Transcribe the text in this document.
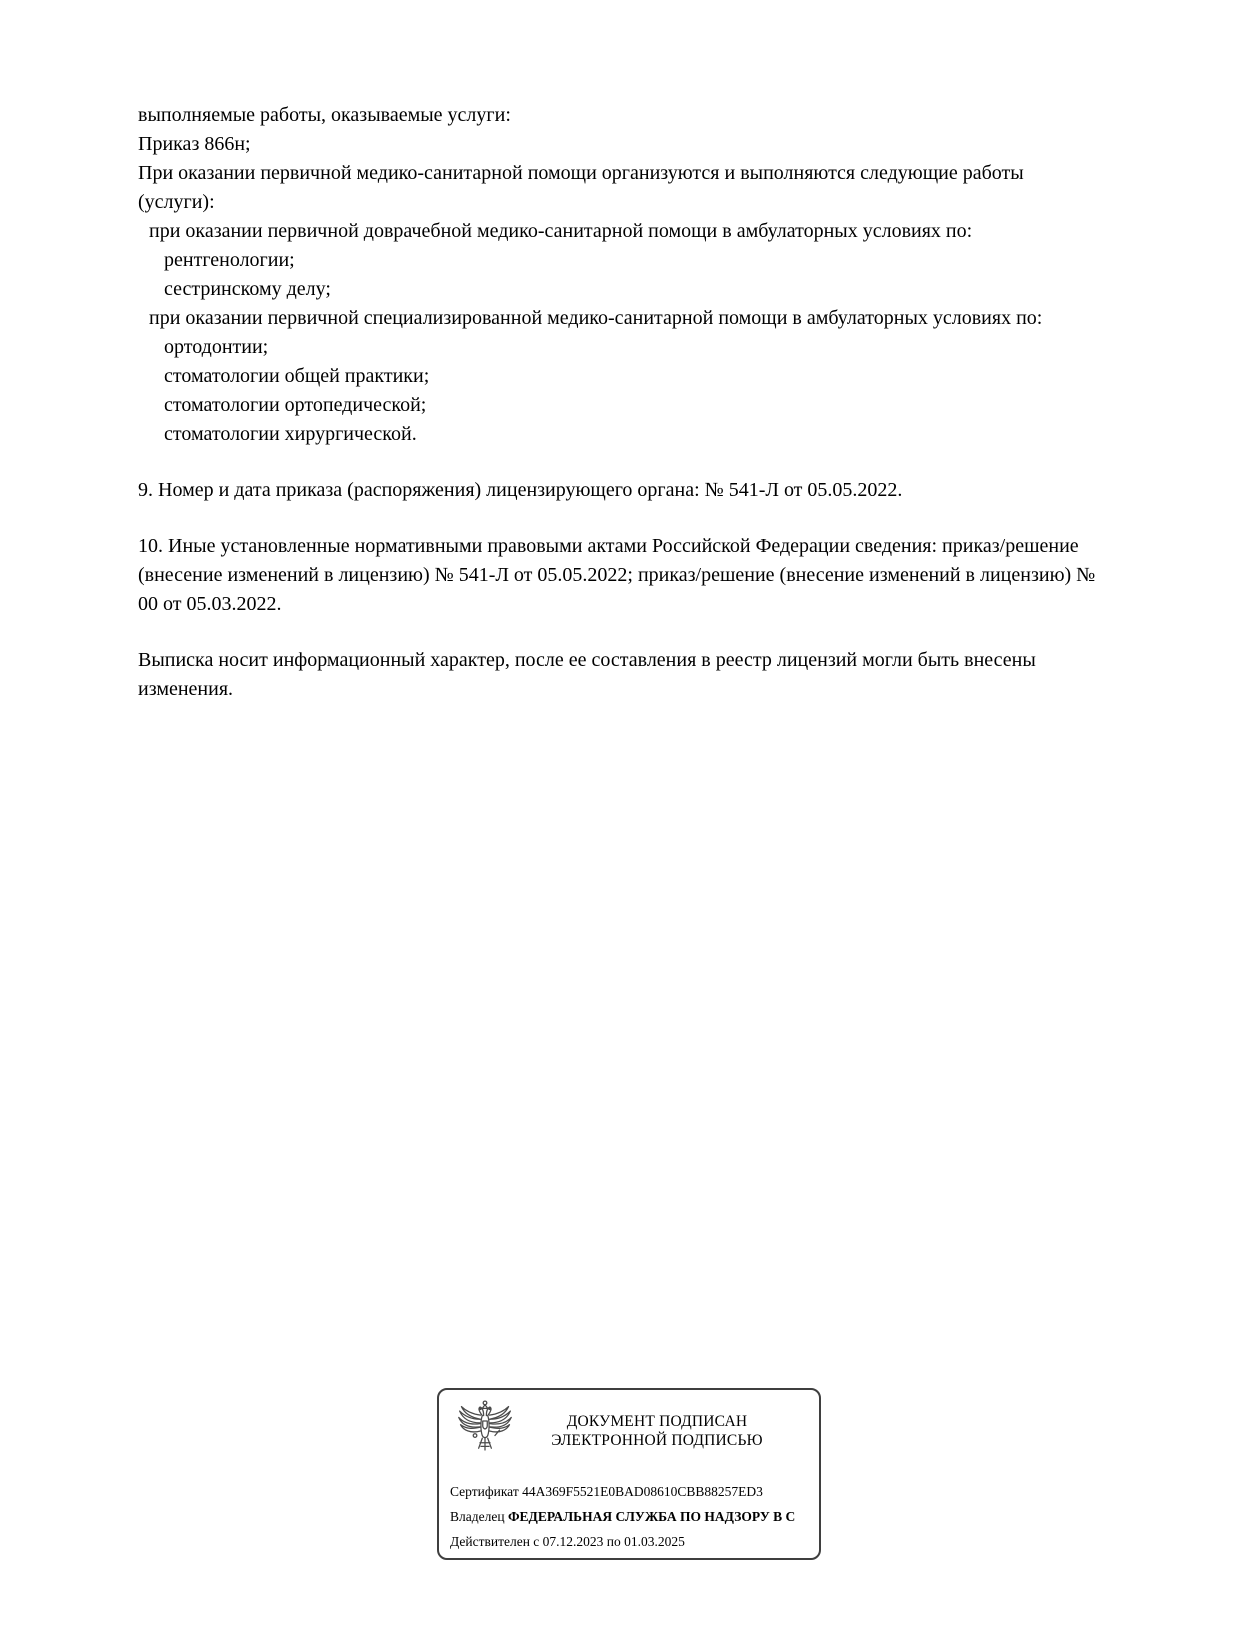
выполняемые работы, оказываемые услуги:

Приказ 866н;

При оказании первичной медико-санитарной помощи организуются и выполняются следующие работы (услуги):

при оказании первичной доврачебной медико-санитарной помощи в амбулаторных условиях по:

рентгенологии;

сестринскому делу;

при оказании первичной специализированной медико-санитарной помощи в амбулаторных условиях по:

ортодонтии;

стоматологии общей практики;

стоматологии ортопедической;

стоматологии хирургической.

9. Номер и дата приказа (распоряжения) лицензирующего органа: № 541-Л от 05.05.2022.

10. Иные установленные нормативными правовыми актами Российской Федерации сведения: приказ/решение (внесение изменений в лицензию) № 541-Л от 05.05.2022; приказ/решение (внесение изменений в лицензию) № 00 от 05.03.2022.

Выписка носит информационный характер, после ее составления в реестр лицензий могли быть внесены изменения.

ДОКУМЕНТ ПОДПИСАН
ЭЛЕКТРОННОЙ ПОДПИСЬЮ
Сертификат 44A369F5521E0BAD08610CBB88257ED3
Владелец ФЕДЕРАЛЬНАЯ СЛУЖБА ПО НАДЗОРУ В С
Действителен с 07.12.2023 по 01.03.2025
